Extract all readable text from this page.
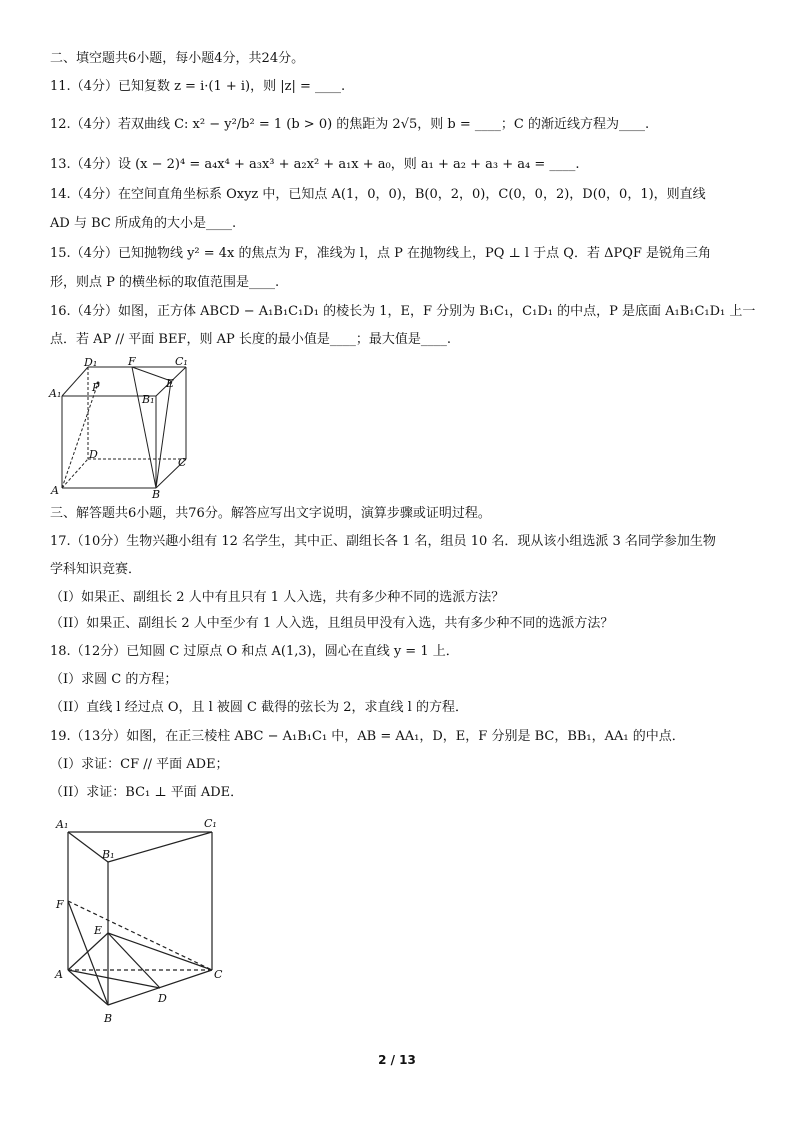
二、填空题共6小题，每小题4分，共24分。
11.（4分）已知复数 z = i·(1 + i)，则 |z| = ____.
12.（4分）若双曲线 C: x² − y²/b² = 1 (b > 0) 的焦距为 2√5，则 b = ____；C 的渐近线方程为____.
13.（4分）设 (x − 2)⁴ = a₄x⁴ + a₃x³ + a₂x² + a₁x + a₀，则 a₁ + a₂ + a₃ + a₄ = ____.
14.（4分）在空间直角坐标系 Oxyz 中，已知点 A(1，0，0)，B(0，2，0)，C(0，0，2)，D(0，0，1)，则直线
AD 与 BC 所成角的大小是____.
15.（4分）已知抛物线 y² = 4x 的焦点为 F，准线为 l，点 P 在抛物线上，PQ ⊥ l 于点 Q．若 ΔPQF 是锐角三角
形，则点 P 的横坐标的取值范围是____.
16.（4分）如图，正方体 ABCD − A₁B₁C₁D₁ 的棱长为 1，E，F 分别为 B₁C₁，C₁D₁ 的中点，P 是底面 A₁B₁C₁D₁ 上一
点．若 AP // 平面 BEF，则 AP 长度的最小值是____；最大值是____.
D₁	F	C₁
A₁	P	E
B₁
D
C
A	B
三、解答题共6小题，共76分。解答应写出文字说明，演算步骤或证明过程。
17.（10分）生物兴趣小组有 12 名学生，其中正、副组长各 1 名，组员 10 名．现从该小组选派 3 名同学参加生物
学科知识竞赛．
（I）如果正、副组长 2 人中有且只有 1 人入选，共有多少种不同的选派方法？
（II）如果正、副组长 2 人中至少有 1 人入选，且组员甲没有入选，共有多少种不同的选派方法？
18.（12分）已知圆 C 过原点 O 和点 A(1,3)，圆心在直线 y = 1 上．
（I）求圆 C 的方程；
（II）直线 l 经过点 O，且 l 被圆 C 截得的弦长为 2，求直线 l 的方程．
19.（13分）如图，在正三棱柱 ABC − A₁B₁C₁ 中，AB = AA₁，D，E，F 分别是 BC，BB₁，AA₁ 的中点．
（I）求证：CF // 平面 ADE；
（II）求证：BC₁ ⊥ 平面 ADE．
A₁	C₁
B₁
F
E
A	C
D
B
2 / 13
